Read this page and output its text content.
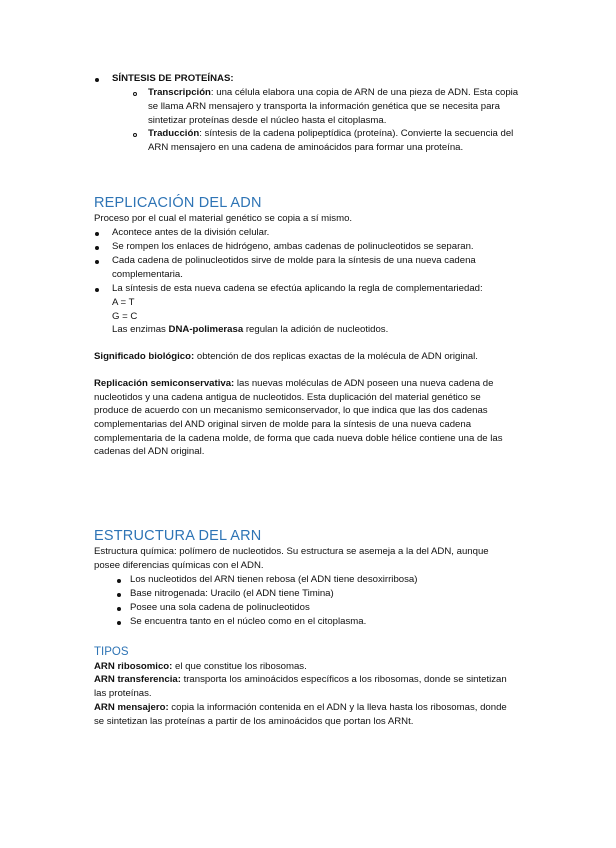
SÍNTESIS DE PROTEÍNAS:
Transcripción: una célula elabora una copia de ARN de una pieza de ADN. Esta copia
se llama ARN mensajero y transporta la información genética que se necesita para
sintetizar proteínas desde el núcleo hasta el citoplasma.
Traducción: síntesis de la cadena polipeptídica (proteína). Convierte la secuencia del
ARN mensajero en una cadena de aminoácidos para formar una proteína.
REPLICACIÓN DEL ADN
Proceso por el cual el material genético se copia a sí mismo.
Acontece antes de la división celular.
Se rompen los enlaces de hidrógeno, ambas cadenas de polinucleotidos se separan.
Cada cadena de polinucleotidos sirve de molde para la síntesis de una nueva cadena
complementaria.
La síntesis de esta nueva cadena se efectúa aplicando la regla de complementariedad:
A = T
G = C
Las enzimas DNA-polimerasa regulan la adición de nucleotidos.
Significado biológico: obtención de dos replicas exactas de la molécula de ADN original.
Replicación semiconservativa: las nuevas moléculas de ADN poseen una nueva cadena de
nucleotidos y una cadena antigua de nucleotidos. Esta duplicación del material genético se
produce de acuerdo con un mecanismo semiconservador, lo que indica que las dos cadenas
complementarias del AND original sirven de molde para la síntesis de una nueva cadena
complementaria de la cadena molde, de forma que cada nueva doble hélice contiene una de las
cadenas del ADN original.
ESTRUCTURA DEL ARN
Estructura química: polímero de nucleotidos. Su estructura se asemeja a la del ADN, aunque
posee diferencias químicas con el ADN.
Los nucleotidos del ARN tienen rebosa (el ADN tiene desoxirribosa)
Base nitrogenada: Uracilo (el ADN tiene Timina)
Posee una sola cadena de polinucleotidos
Se encuentra tanto en el núcleo como en el citoplasma.
TIPOS
ARN ribosomico: el que constitue los ribosomas.
ARN transferencia: transporta los aminoácidos específicos a los ribosomas, donde se sintetizan
las proteínas.
ARN mensajero: copia la información contenida en el ADN y la lleva hasta los ribosomas, donde
se sintetizan las proteínas a partir de los aminoácidos que portan los ARNt.
